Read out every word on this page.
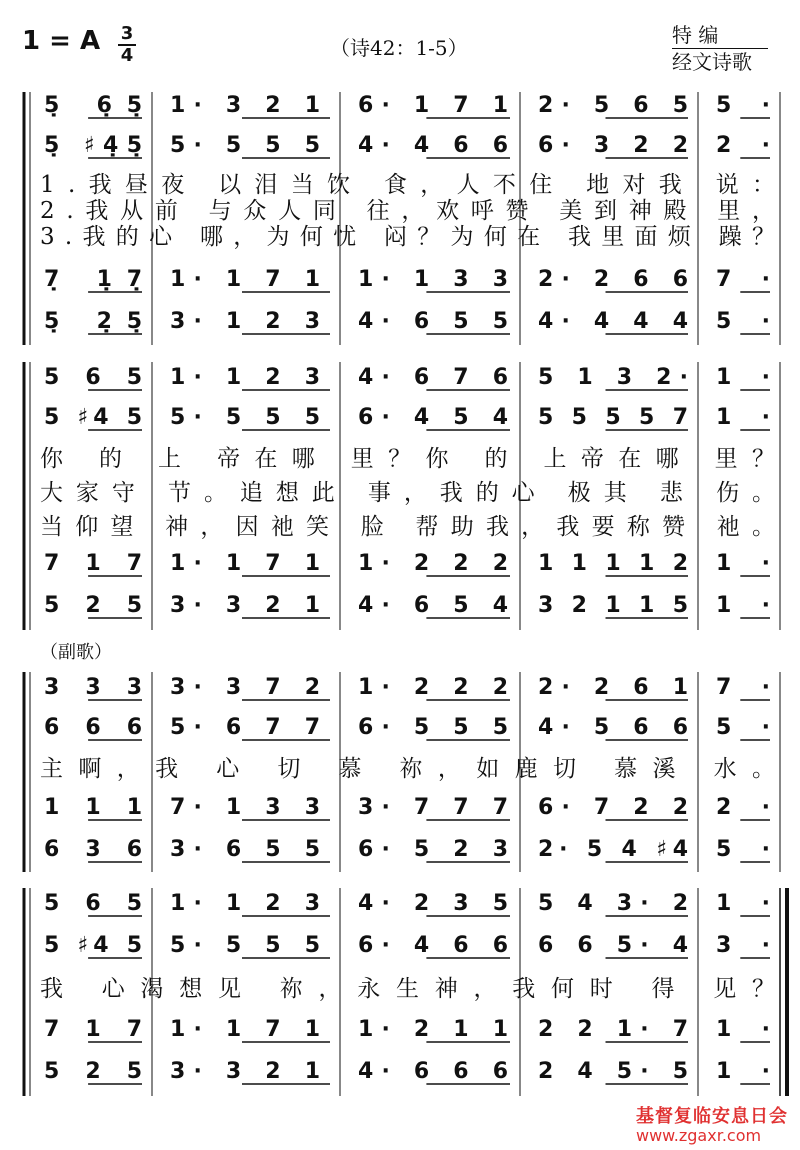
1 = A $\frac{3}{4}$	（诗42：1-5）
特 编
经文诗歌
（副歌）
5̣ 6̣5̣
5̣ ♯4̣5̣
7̣ 1̣7̣
5̣ 2̣5̣
1· 3 2 1
5· 5 5 5
1· 1 7 1
3· 1 2 3
6· 1 7 1
4· 4 6 6
1· 1 3 3
4· 6 5 5
2· 5 6 5
6· 3 2 2
2· 2 6 6
4· 4 4 4
5·
2·
7·
5·
1.我昼夜 以泪当饮 食，人不住 地对我 说：
2.我从前 与众人同 往，欢呼赞 美到神殿 里，
3.我的心 哪，为何忧 闷？为何在 我里面烦 躁？
5 6 5
5 ♯4 5
7 1 7
5 2 5
1· 1 2 3
5· 5 5 5
1· 1 7 1
3· 3 2 1
4· 6 7 6
6· 4 5 4
1· 2 2 2
4· 6 5 4
5 1 3 2·
5 5 5 5 7
1 1 1 1 2
3 2 1 1 5
1·
1·
1·
1·
你 的 上 帝在哪 里？你 的 上帝在哪 里？
大家守 节。追想此 事，我的心 极其 悲 伤。
当仰望 神，因祂笑 脸 帮助我，我要称赞 祂。
3 3 3
6 6 6
1 1 1
6 3 6
3· 3 7 2
5· 6 7 7
7· 1 3 3
3· 6 5 5
1· 2 2 2
6· 5 5 5
3· 7 7 7
6· 5 2 3
2· 2 6 1
4· 5 6 6
6· 7 2 2
2· 5 4 ♯4
7·
5·
2·
5·
主啊，我 心 切 慕 祢，如鹿切 慕溪 水。
5 6 5
5 ♯4 5
7 1 7
5 2 5
1· 1 2 3
5· 5 5 5
1· 1 7 1
3· 3 2 1
4· 2 3 5
6· 4 6 6
1· 2 1 1
4· 6 6 6
5 4 3· 2
6 6 5· 4
2 2 1· 7
2 4 5· 5
1·
3·
1·
1·
我 心渴想见 祢，永生神，我何时 得 见？
基督复临安息日会
www.zgaxr.com
